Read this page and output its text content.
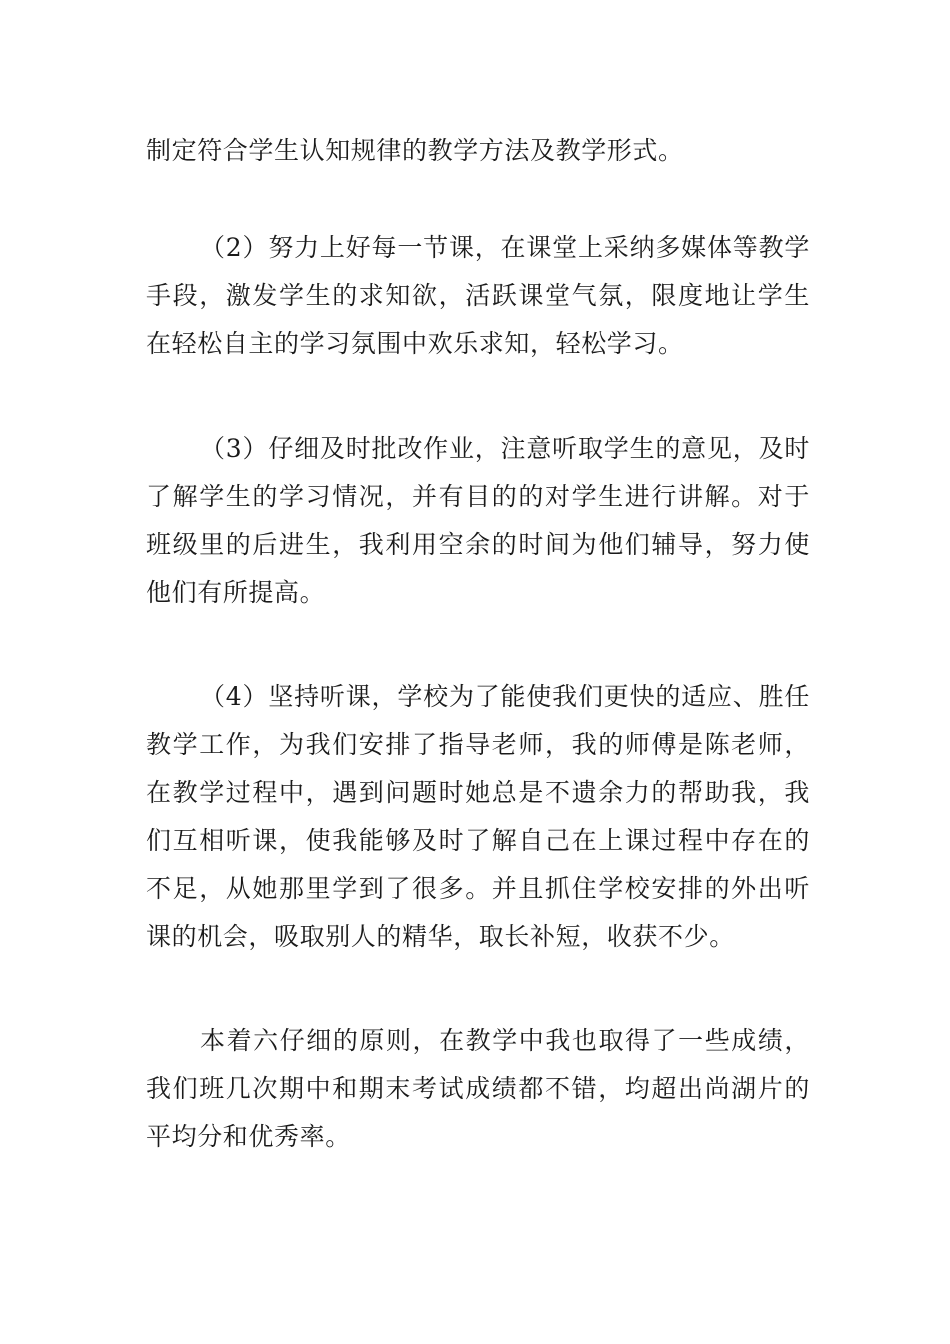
制定符合学生认知规律的教学方法及教学形式。

（2）努力上好每一节课，在课堂上采纳多媒体等教学手段，激发学生的求知欲，活跃课堂气氛，限度地让学生在轻松自主的学习氛围中欢乐求知，轻松学习。

（3）仔细及时批改作业，注意听取学生的意见，及时了解学生的学习情况，并有目的的对学生进行讲解。对于班级里的后进生，我利用空余的时间为他们辅导，努力使他们有所提高。

（4）坚持听课，学校为了能使我们更快的适应、胜任教学工作，为我们安排了指导老师，我的师傅是陈老师，在教学过程中，遇到问题时她总是不遗余力的帮助我，我们互相听课，使我能够及时了解自己在上课过程中存在的不足，从她那里学到了很多。并且抓住学校安排的外出听课的机会，吸取别人的精华，取长补短，收获不少。

本着六仔细的原则，在教学中我也取得了一些成绩，我们班几次期中和期末考试成绩都不错，均超出尚湖片的平均分和优秀率。
